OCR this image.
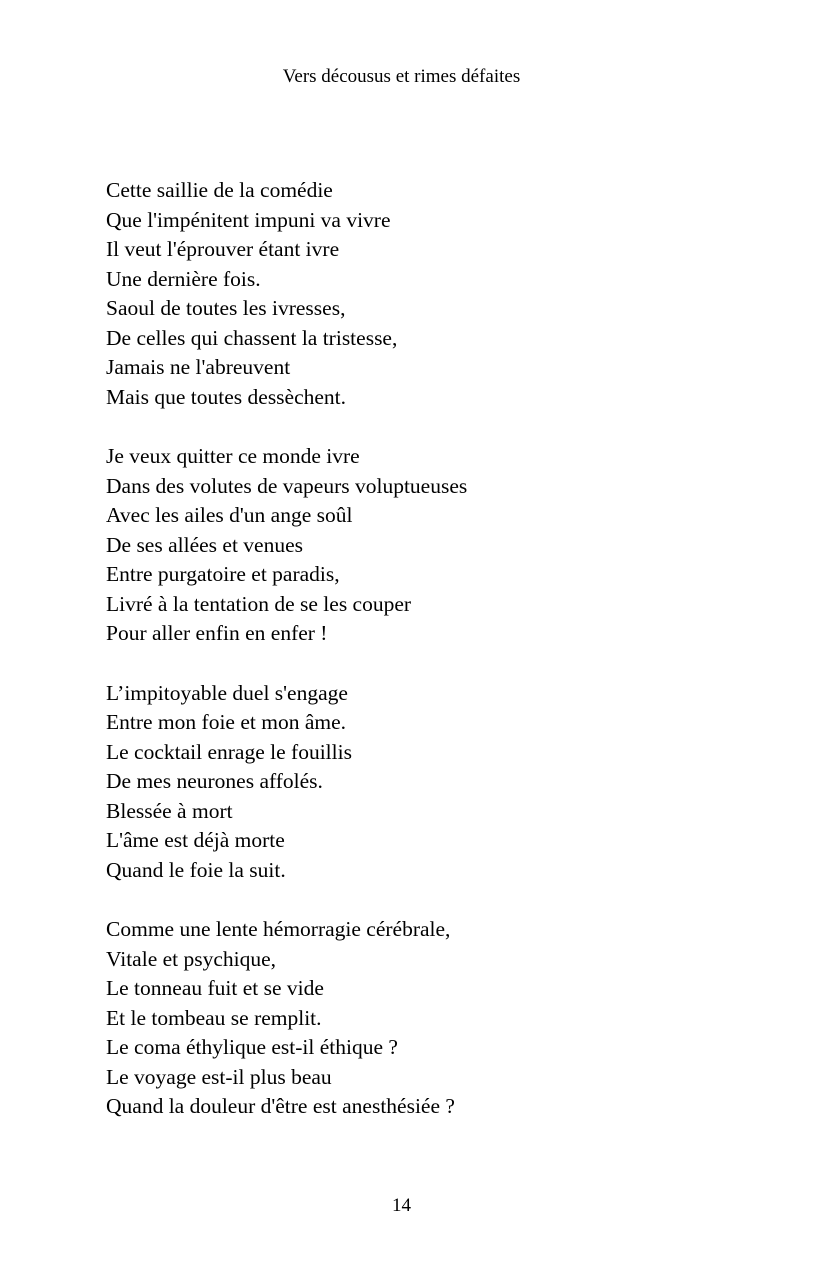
Vers décousus et rimes défaites
Cette saillie de la comédie
Que l'impénitent impuni va vivre
Il veut l'éprouver étant ivre
Une dernière fois.
Saoul de toutes les ivresses,
De celles qui chassent la tristesse,
Jamais ne l'abreuvent
Mais que toutes dessèchent.
Je veux quitter ce monde ivre
Dans des volutes de vapeurs voluptueuses
Avec les ailes d'un ange soûl
De ses allées et venues
Entre purgatoire et paradis,
Livré à la tentation de se les couper
Pour aller enfin en enfer !
L’impitoyable duel s'engage
Entre mon foie et mon âme.
Le cocktail enrage le fouillis
De mes neurones affolés.
Blessée à mort
L'âme est déjà morte
Quand le foie la suit.
Comme une lente hémorragie cérébrale,
Vitale et psychique,
Le tonneau fuit et se vide
Et le tombeau se remplit.
Le coma éthylique est-il éthique ?
Le voyage est-il plus beau
Quand la douleur d'être est anesthésiée ?
14
